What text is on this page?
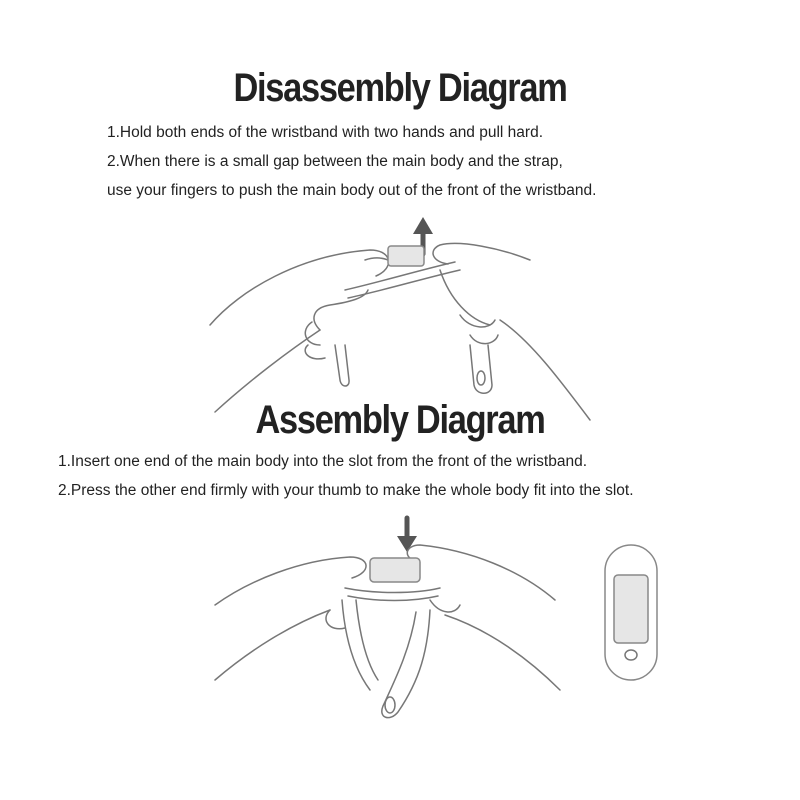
Disassembly Diagram
1.Hold both ends of the wristband with two hands and pull hard.
2.When there is a small gap between the main body and the strap,
use your fingers to push the main body out of the front of the wristband.
Assembly Diagram
1.Insert one end of the main body into the slot from the front of the wristband.
2.Press the other end firmly with your thumb to make the whole body fit into the slot.
